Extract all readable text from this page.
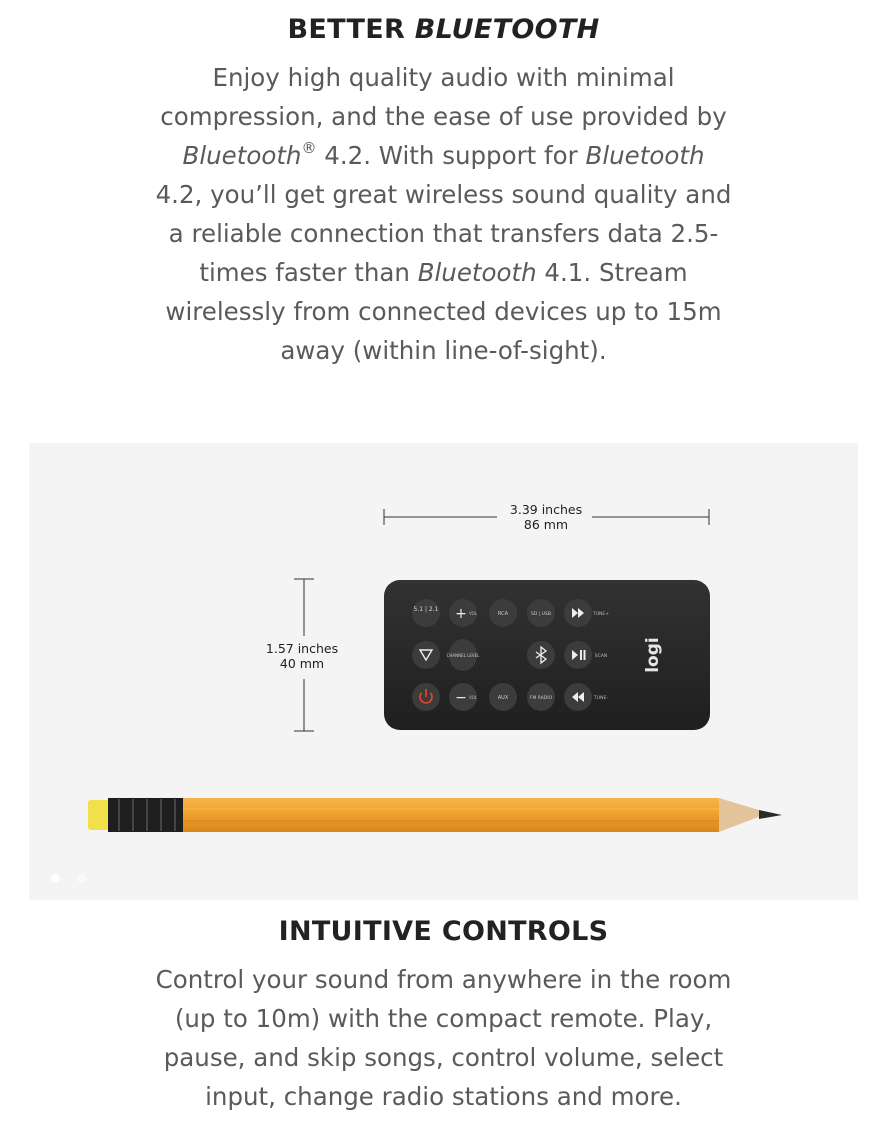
BETTER BLUETOOTH
Enjoy high quality audio with minimal
compression, and the ease of use provided by
Bluetooth® 4.2. With support for Bluetooth
4.2, you’ll get great wireless sound quality and
a reliable connection that transfers data 2.5-
times faster than Bluetooth 4.1. Stream
wirelessly from connected devices up to 15m
away (within line-of-sight).
3.39 inches
86 mm
1.57 inches
40 mm
5.1 | 2.1 + VOL	RCA	SD | USB	TUNE+
CHANNEL LEVEL	SCAN
− VOL	AUX	FM RADIO	TUNE-
logi
INTUITIVE CONTROLS
Control your sound from anywhere in the room
(up to 10m) with the compact remote. Play,
pause, and skip songs, control volume, select
input, change radio stations and more.
